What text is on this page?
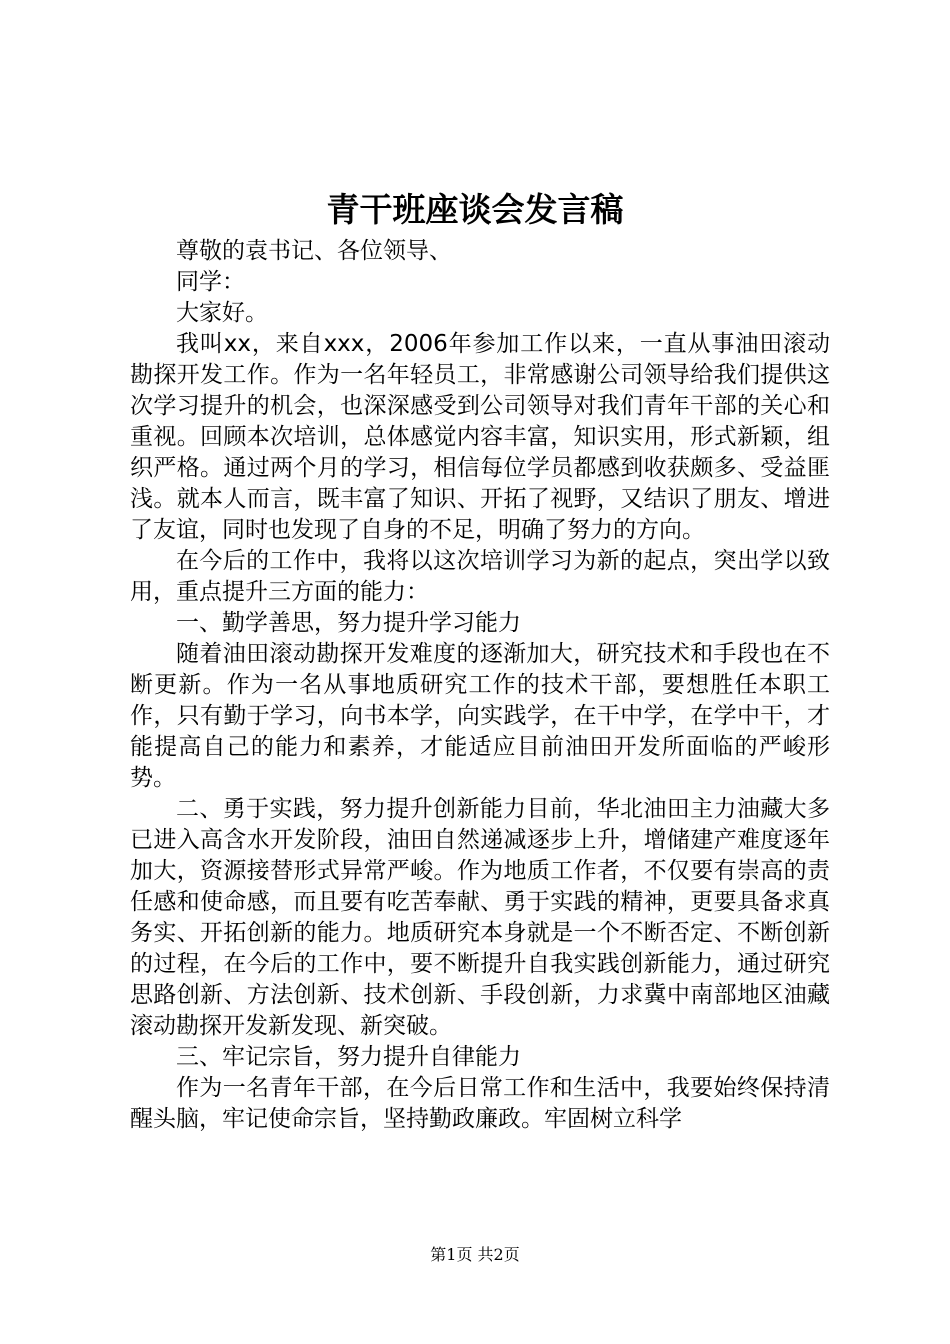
青干班座谈会发言稿

尊敬的袁书记、各位领导、

同学：

大家好。

我叫xx，来自xxx，2006年参加工作以来，一直从事油田滚动勘探开发工作。作为一名年轻员工，非常感谢公司领导给我们提供这次学习提升的机会，也深深感受到公司领导对我们青年干部的关心和重视。回顾本次培训，总体感觉内容丰富，知识实用，形式新颖，组织严格。通过两个月的学习，相信每位学员都感到收获颇多、受益匪浅。就本人而言，既丰富了知识、开拓了视野，又结识了朋友、增进了友谊，同时也发现了自身的不足，明确了努力的方向。

在今后的工作中，我将以这次培训学习为新的起点，突出学以致用，重点提升三方面的能力：

一、勤学善思，努力提升学习能力

随着油田滚动勘探开发难度的逐渐加大，研究技术和手段也在不断更新。作为一名从事地质研究工作的技术干部，要想胜任本职工作，只有勤于学习，向书本学，向实践学，在干中学，在学中干，才能提高自己的能力和素养，才能适应目前油田开发所面临的严峻形势。

二、勇于实践，努力提升创新能力目前，华北油田主力油藏大多已进入高含水开发阶段，油田自然递减逐步上升，增储建产难度逐年加大，资源接替形式异常严峻。作为地质工作者，不仅要有崇高的责任感和使命感，而且要有吃苦奉献、勇于实践的精神，更要具备求真务实、开拓创新的能力。地质研究本身就是一个不断否定、不断创新的过程，在今后的工作中，要不断提升自我实践创新能力，通过研究思路创新、方法创新、技术创新、手段创新，力求冀中南部地区油藏滚动勘探开发新发现、新突破。

三、牢记宗旨，努力提升自律能力

作为一名青年干部，在今后日常工作和生活中，我要始终保持清醒头脑，牢记使命宗旨，坚持勤政廉政。牢固树立科学

第1页 共2页
